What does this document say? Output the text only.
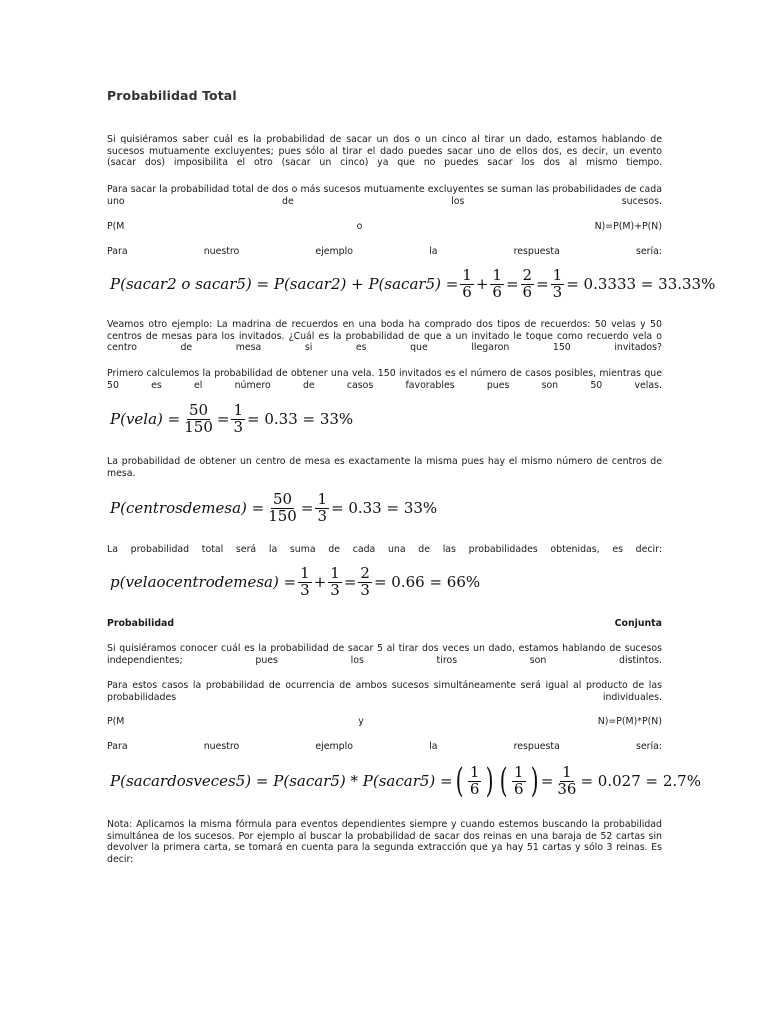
Probabilidad Total
Si quisiéramos saber cuál es la probabilidad de sacar un dos o un cinco al tirar un dado, estamos hablando de sucesos mutuamente excluyentes; pues sólo al tirar el dado puedes sacar uno de ellos dos, es decir, un evento (sacar dos) imposibilita el otro (sacar un cinco) ya que no puedes sacar los dos al mismo tiempo.
Para sacar la probabilidad total de dos o más sucesos mutuamente excluyentes se suman las probabilidades de cada uno de los sucesos.
P(M	o	N)=P(M)+P(N)
Para	nuestro	ejemplo	la	respuesta	sería:
P(sacar2 o sacar5) = P(sacar2) + P(sacar5) = $\frac{1}{6} + \frac{1}{6} = \frac{2}{6} = \frac{1}{3} = 0.3333 = 33.33\%$
Veamos otro ejemplo: La madrina de recuerdos en una boda ha comprado dos tipos de recuerdos: 50 velas y 50 centros de mesas para los invitados. ¿Cuál es la probabilidad de que a un invitado le toque como recuerdo vela o centro de mesa si es que llegaron 150 invitados?
Primero calculemos la probabilidad de obtener una vela. 150 invitados es el número de casos posibles, mientras que 50 es el número de casos favorables pues son 50 velas.
P(vela) = $\frac{50}{150} = \frac{1}{3} = 0.33 = 33\%$
La probabilidad de obtener un centro de mesa es exactamente la misma pues hay el mismo número de centros de mesa.
P(centrosdemesa) = $\frac{50}{150} = \frac{1}{3} = 0.33 = 33\%$
La probabilidad total será la suma de cada una de las probabilidades obtenidas, es decir:
p(velaocentrodemesa) = $\frac{1}{3} + \frac{1}{3} = \frac{2}{3} = 0.66 = 66\%$
Probabilidad	Conjunta
Si quisiéramos conocer cuál es la probabilidad de sacar 5 al tirar dos veces un dado, estamos hablando de sucesos independientes; pues los tiros son distintos.
Para estos casos la probabilidad de ocurrencia de ambos sucesos simultáneamente será igual al producto de las probabilidades individuales.
P(M	y	N)=P(M)*P(N)
Para	nuestro	ejemplo	la	respuesta	sería:
P(sacardosveces5) = P(sacar5) * P(sacar5) = ( $\frac{1}{6}$ ) ( $\frac{1}{6}$ ) = $\frac{1}{36} = 0.027 = 2.7\%$
Nota: Aplicamos la misma fórmula para eventos dependientes siempre y cuando estemos buscando la probabilidad simultánea de los sucesos. Por ejemplo al buscar la probabilidad de sacar dos reinas en una baraja de 52 cartas sin devolver la primera carta, se tomará en cuenta para la segunda extracción que ya hay 51 cartas y sólo 3 reinas. Es decir:
